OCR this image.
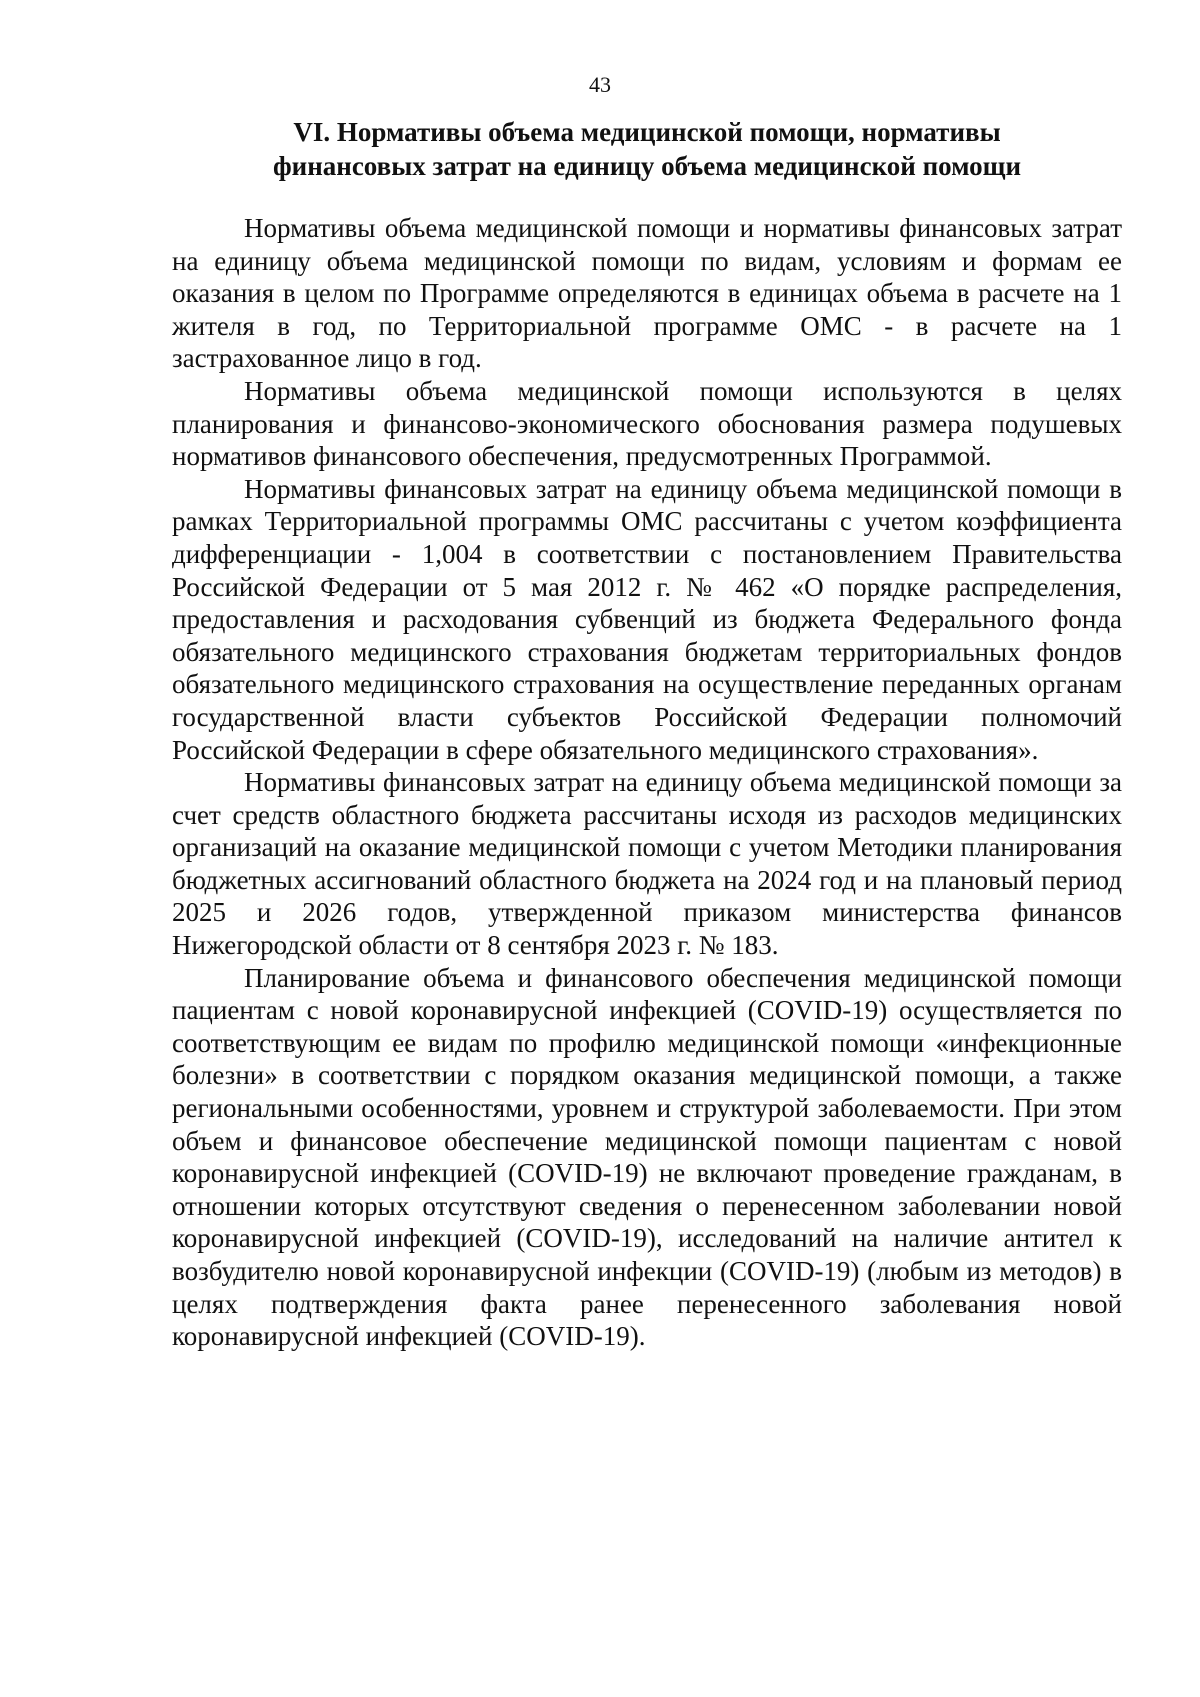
43
VI. Нормативы объема медицинской помощи, нормативы
финансовых затрат на единицу объема медицинской помощи

Нормативы объема медицинской помощи и нормативы финансовых затрат на единицу объема медицинской помощи по видам, условиям и формам ее оказания в целом по Программе определяются в единицах объема в расчете на 1 жителя в год, по Территориальной программе ОМС - в расчете на 1 застрахованное лицо в год.

Нормативы объема медицинской помощи используются в целях планирования и финансово-экономического обоснования размера подушевых нормативов финансового обеспечения, предусмотренных Программой.

Нормативы финансовых затрат на единицу объема медицинской помощи в рамках Территориальной программы ОМС рассчитаны с учетом коэффициента дифференциации - 1,004 в соответствии с постановлением Правительства Российской Федерации от 5 мая 2012 г. № 462 «О порядке распределения, предоставления и расходования субвенций из бюджета Федерального фонда обязательного медицинского страхования бюджетам территориальных фондов обязательного медицинского страхования на осуществление переданных органам государственной власти субъектов Российской Федерации полномочий Российской Федерации в сфере обязательного медицинского страхования».

Нормативы финансовых затрат на единицу объема медицинской помощи за счет средств областного бюджета рассчитаны исходя из расходов медицинских организаций на оказание медицинской помощи с учетом Методики планирования бюджетных ассигнований областного бюджета на 2024 год и на плановый период 2025 и 2026 годов, утвержденной приказом министерства финансов Нижегородской области от 8 сентября 2023 г. № 183.

Планирование объема и финансового обеспечения медицинской помощи пациентам с новой коронавирусной инфекцией (COVID-19) осуществляется по соответствующим ее видам по профилю медицинской помощи «инфекционные болезни» в соответствии с порядком оказания медицинской помощи, а также региональными особенностями, уровнем и структурой заболеваемости. При этом объем и финансовое обеспечение медицинской помощи пациентам с новой коронавирусной инфекцией (COVID-19) не включают проведение гражданам, в отношении которых отсутствуют сведения о перенесенном заболевании новой коронавирусной инфекцией (COVID-19), исследований на наличие антител к возбудителю новой коронавирусной инфекции (COVID-19) (любым из методов) в целях подтверждения факта ранее перенесенного заболевания новой коронавирусной инфекцией (COVID-19).
